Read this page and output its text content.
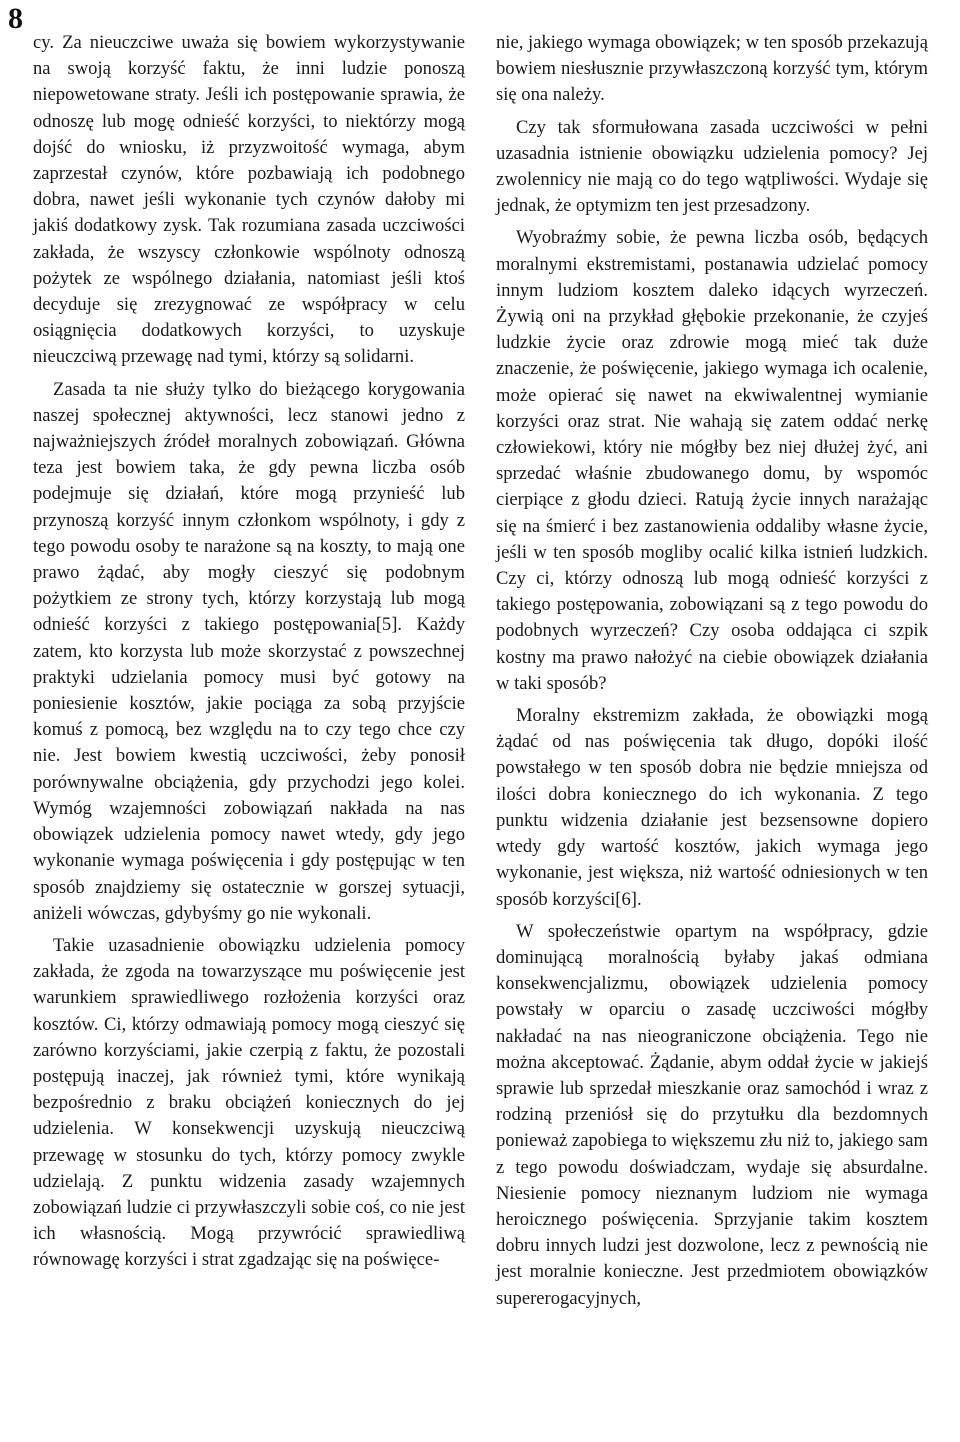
8

cy. Za nieuczciwe uważa się bowiem wykorzystywanie na swoją korzyść faktu, że inni ludzie ponoszą niepowetowane straty. Jeśli ich postępowanie sprawia, że odnoszę lub mogę odnieść korzyści, to niektórzy mogą dojść do wniosku, iż przyzwoitość wymaga, abym zaprzestał czynów, które pozbawiają ich podobnego dobra, nawet jeśli wykonanie tych czynów dałoby mi jakiś dodatkowy zysk. Tak rozumiana zasada uczciwości zakłada, że wszyscy członkowie wspólnoty odnoszą pożytek ze wspólnego działania, natomiast jeśli ktoś decyduje się zrezygnować ze współpracy w celu osiągnięcia dodatkowych korzyści, to uzyskuje nieuczciwą przewagę nad tymi, którzy są solidarni.

Zasada ta nie służy tylko do bieżącego korygowania naszej społecznej aktywności, lecz stanowi jedno z najważniejszych źródeł moralnych zobowiązań. Główna teza jest bowiem taka, że gdy pewna liczba osób podejmuje się działań, które mogą przynieść lub przynoszą korzyść innym członkom wspólnoty, i gdy z tego powodu osoby te narażone są na koszty, to mają one prawo żądać, aby mogły cieszyć się podobnym pożytkiem ze strony tych, którzy korzystają lub mogą odnieść korzyści z takiego postępowania[5]. Każdy zatem, kto korzysta lub może skorzystać z powszechnej praktyki udzielania pomocy musi być gotowy na poniesienie kosztów, jakie pociąga za sobą przyjście komuś z pomocą, bez względu na to czy tego chce czy nie. Jest bowiem kwestią uczciwości, żeby ponosił porównywalne obciążenia, gdy przychodzi jego kolei. Wymóg wzajemności zobowiązań nakłada na nas obowiązek udzielenia pomocy nawet wtedy, gdy jego wykonanie wymaga poświęcenia i gdy postępując w ten sposób znajdziemy się ostatecznie w gorszej sytuacji, aniżeli wówczas, gdybyśmy go nie wykonali.

Takie uzasadnienie obowiązku udzielenia pomocy zakłada, że zgoda na towarzyszące mu poświęcenie jest warunkiem sprawiedliwego rozłożenia korzyści oraz kosztów. Ci, którzy odmawiają pomocy mogą cieszyć się zarówno korzyściami, jakie czerpią z faktu, że pozostali postępują inaczej, jak również tymi, które wynikają bezpośrednio z braku obciążeń koniecznych do jej udzielenia. W konsekwencji uzyskują nieuczciwą przewagę w stosunku do tych, którzy pomocy zwykle udzielają. Z punktu widzenia zasady wzajemnych zobowiązań ludzie ci przywłaszczyli sobie coś, co nie jest ich własnością. Mogą przywrócić sprawiedliwą równowagę korzyści i strat zgadzając się na poświęce-

nie, jakiego wymaga obowiązek; w ten sposób przekazują bowiem niesłusznie przywłaszczoną korzyść tym, którym się ona należy.

Czy tak sformułowana zasada uczciwości w pełni uzasadnia istnienie obowiązku udzielenia pomocy? Jej zwolennicy nie mają co do tego wątpliwości. Wydaje się jednak, że optymizm ten jest przesadzony.

Wyobraźmy sobie, że pewna liczba osób, będących moralnymi ekstremistami, postanawia udzielać pomocy innym ludziom kosztem daleko idących wyrzeczeń. Żywią oni na przykład głębokie przekonanie, że czyjeś ludzkie życie oraz zdrowie mogą mieć tak duże znaczenie, że poświęcenie, jakiego wymaga ich ocalenie, może opierać się nawet na ekwiwalentnej wymianie korzyści oraz strat. Nie wahają się zatem oddać nerkę człowiekowi, który nie mógłby bez niej dłużej żyć, ani sprzedać właśnie zbudowanego domu, by wspomóc cierpiące z głodu dzieci. Ratują życie innych narażając się na śmierć i bez zastanowienia oddaliby własne życie, jeśli w ten sposób mogliby ocalić kilka istnień ludzkich. Czy ci, którzy odnoszą lub mogą odnieść korzyści z takiego postępowania, zobowiązani są z tego powodu do podobnych wyrzeczeń? Czy osoba oddająca ci szpik kostny ma prawo nałożyć na ciebie obowiązek działania w taki sposób?

Moralny ekstremizm zakłada, że obowiązki mogą żądać od nas poświęcenia tak długo, dopóki ilość powstałego w ten sposób dobra nie będzie mniejsza od ilości dobra koniecznego do ich wykonania. Z tego punktu widzenia działanie jest bezsensowne dopiero wtedy gdy wartość kosztów, jakich wymaga jego wykonanie, jest większa, niż wartość odniesionych w ten sposób korzyści[6].

W społeczeństwie opartym na współpracy, gdzie dominującą moralnością byłaby jakaś odmiana konsekwencjalizmu, obowiązek udzielenia pomocy powstały w oparciu o zasadę uczciwości mógłby nakładać na nas nieograniczone obciążenia. Tego nie można akceptować. Żądanie, abym oddał życie w jakiejś sprawie lub sprzedał mieszkanie oraz samochód i wraz z rodziną przeniósł się do przytułku dla bezdomnych ponieważ zapobiega to większemu złu niż to, jakiego sam z tego powodu doświadczam, wydaje się absurdalne. Niesienie pomocy nieznanym ludziom nie wymaga heroicznego poświęcenia. Sprzyjanie takim kosztem dobru innych ludzi jest dozwolone, lecz z pewnością nie jest moralnie konieczne. Jest przedmiotem obowiązków supererogacyjnych,
